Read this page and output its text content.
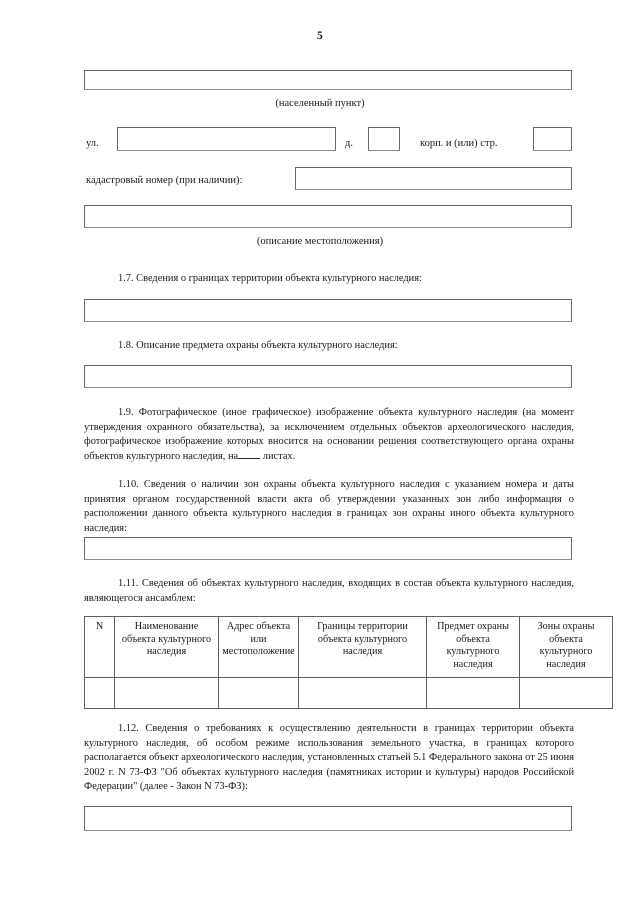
5
(населенный пункт)
ул.	д.	корп. и (или) стр.
кадастровый номер (при наличии):
(описание местоположения)
1.7. Сведения о границах территории объекта культурного наследия:
1.8. Описание предмета охраны объекта культурного наследия:
1.9. Фотографическое (иное графическое) изображение объекта культурного наследия (на момент утверждения охранного обязательства), за исключением отдельных объектов археологического наследия, фотографическое изображение которых вносится на основании решения соответствующего органа охраны объектов культурного наследия, на листах.
1.10. Сведения о наличии зон охраны объекта культурного наследия с указанием номера и даты принятия органом государственной власти акта об утверждении указанных зон либо информация о расположении данного объекта культурного наследия в границах зон охраны иного объекта культурного наследия:
1.11. Сведения об объектах культурного наследия, входящих в состав объекта культурного наследия, являющегося ансамблем:
N	Наименование объекта культурного наследия	Адрес объекта или местоположение	Границы территории объекта культурного наследия	Предмет охраны объекта культурного наследия	Зоны охраны объекта культурного наследия

1.12. Сведения о требованиях к осуществлению деятельности в границах территории объекта культурного наследия, об особом режиме использования земельного участка, в границах которого располагается объект археологического наследия, установленных статьей 5.1 Федерального закона от 25 июня 2002 г. N 73-ФЗ "Об объектах культурного наследия (памятниках истории и культуры) народов Российской Федерации" (далее - Закон N 73-ФЗ):
